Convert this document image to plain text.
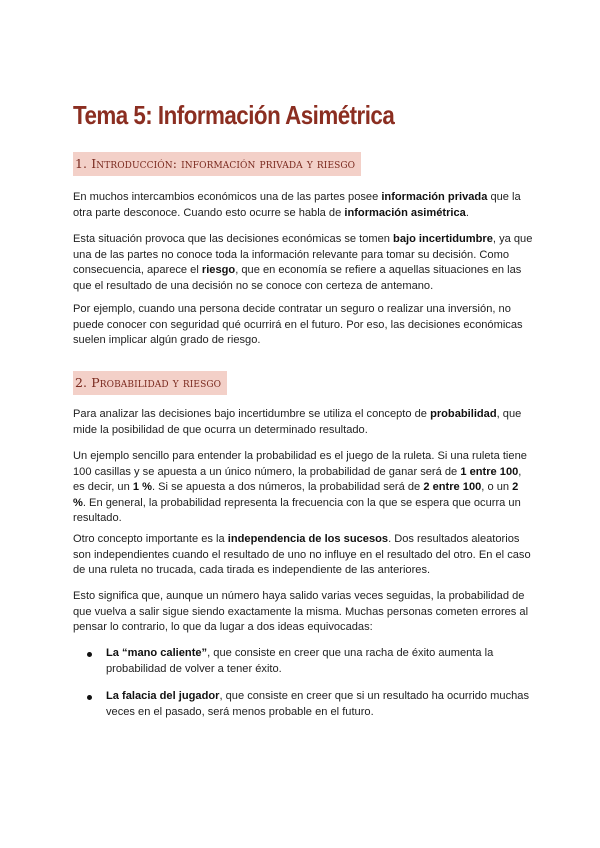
Tema 5: Información Asimétrica
1. Introducción: información privada y riesgo

En muchos intercambios económicos una de las partes posee información privada que la otra parte desconoce. Cuando esto ocurre se habla de información asimétrica.

Esta situación provoca que las decisiones económicas se tomen bajo incertidumbre, ya que una de las partes no conoce toda la información relevante para tomar su decisión. Como consecuencia, aparece el riesgo, que en economía se refiere a aquellas situaciones en las que el resultado de una decisión no se conoce con certeza de antemano.

Por ejemplo, cuando una persona decide contratar un seguro o realizar una inversión, no puede conocer con seguridad qué ocurrirá en el futuro. Por eso, las decisiones económicas suelen implicar algún grado de riesgo.

2. Probabilidad y riesgo

Para analizar las decisiones bajo incertidumbre se utiliza el concepto de probabilidad, que mide la posibilidad de que ocurra un determinado resultado.

Un ejemplo sencillo para entender la probabilidad es el juego de la ruleta. Si una ruleta tiene 100 casillas y se apuesta a un único número, la probabilidad de ganar será de 1 entre 100, es decir, un 1 %. Si se apuesta a dos números, la probabilidad será de 2 entre 100, o un 2 %. En general, la probabilidad representa la frecuencia con la que se espera que ocurra un resultado.

Otro concepto importante es la independencia de los sucesos. Dos resultados aleatorios son independientes cuando el resultado de uno no influye en el resultado del otro. En el caso de una ruleta no trucada, cada tirada es independiente de las anteriores.

Esto significa que, aunque un número haya salido varias veces seguidas, la probabilidad de que vuelva a salir sigue siendo exactamente la misma. Muchas personas cometen errores al pensar lo contrario, lo que da lugar a dos ideas equivocadas:

La “mano caliente”, que consiste en creer que una racha de éxito aumenta la probabilidad de volver a tener éxito.
La falacia del jugador, que consiste en creer que si un resultado ha ocurrido muchas veces en el pasado, será menos probable en el futuro.
